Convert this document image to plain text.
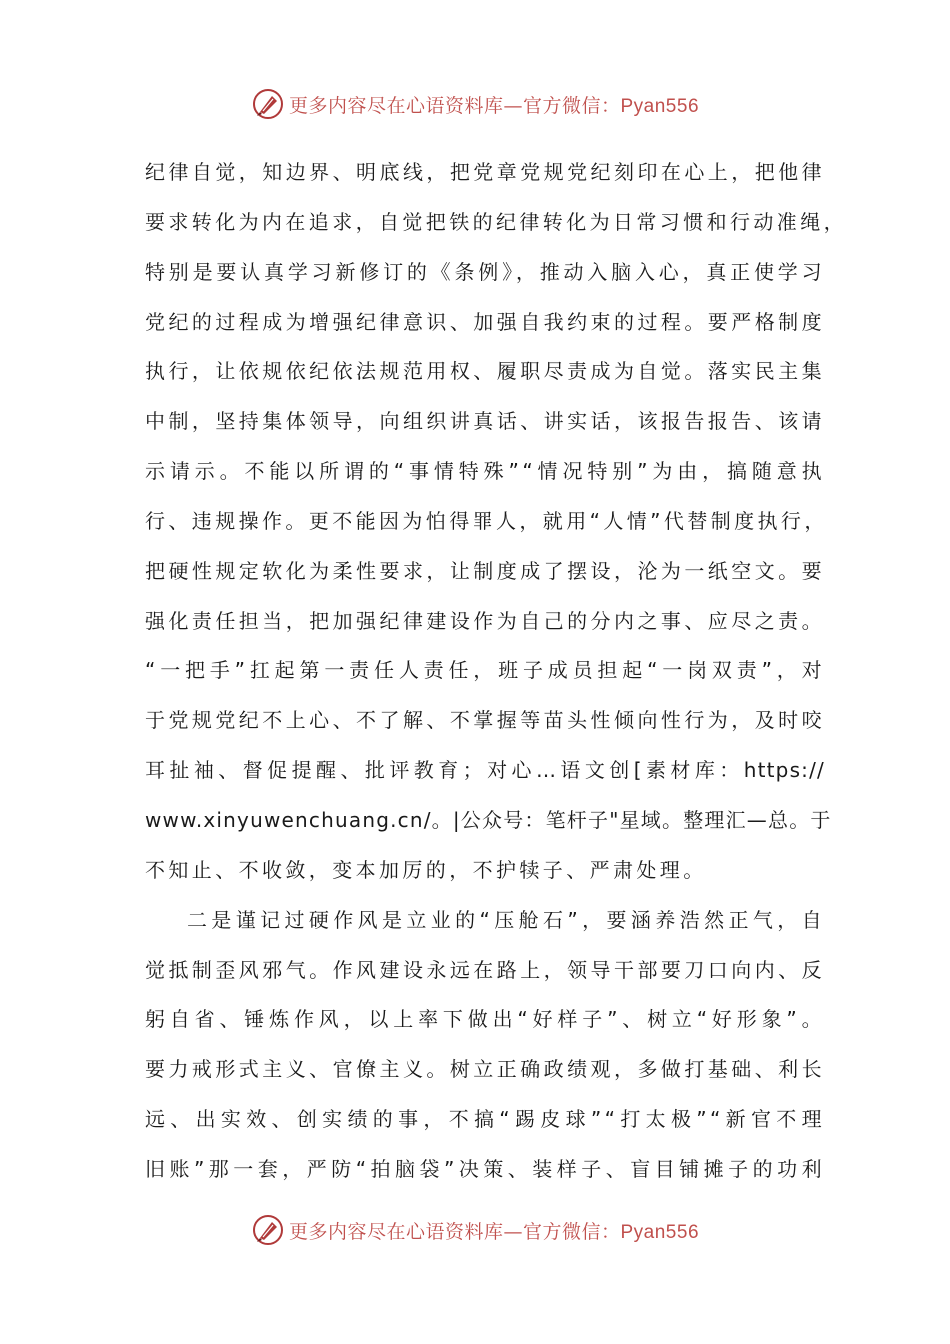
更多内容尽在心语资料库—官方微信：Pyan556
纪律自觉，知边界、明底线，把党章党规党纪刻印在心上，把他律
要求转化为内在追求，自觉把铁的纪律转化为日常习惯和行动准绳，
特别是要认真学习新修订的《条例》，推动入脑入心，真正使学习
党纪的过程成为增强纪律意识、加强自我约束的过程。要严格制度
执行，让依规依纪依法规范用权、履职尽责成为自觉。落实民主集
中制，坚持集体领导，向组织讲真话、讲实话，该报告报告、该请
示请示。不能以所谓的“事情特殊”“情况特别”为由，搞随意执
行、违规操作。更不能因为怕得罪人，就用“人情”代替制度执行，
把硬性规定软化为柔性要求，让制度成了摆设，沦为一纸空文。要
强化责任担当，把加强纪律建设作为自己的分内之事、应尽之责。
“一把手”扛起第一责任人责任，班子成员担起“一岗双责”，对
于党规党纪不上心、不了解、不掌握等苗头性倾向性行为，及时咬
耳扯袖、督促提醒、批评教育；对心…语文创[素材库：https://
www.xinyuwenchuang.cn/。|公众号：笔杆子"星域。整理汇—总。于
不知止、不收敛，变本加厉的，不护犊子、严肃处理。
二是谨记过硬作风是立业的“压舱石”，要涵养浩然正气，自
觉抵制歪风邪气。作风建设永远在路上，领导干部要刀口向内、反
躬自省、锤炼作风，以上率下做出“好样子”、树立“好形象”。
要力戒形式主义、官僚主义。树立正确政绩观，多做打基础、利长
远、出实效、创实绩的事，不搞“踢皮球”“打太极”“新官不理
旧账”那一套，严防“拍脑袋”决策、装样子、盲目铺摊子的功利
更多内容尽在心语资料库—官方微信：Pyan556
